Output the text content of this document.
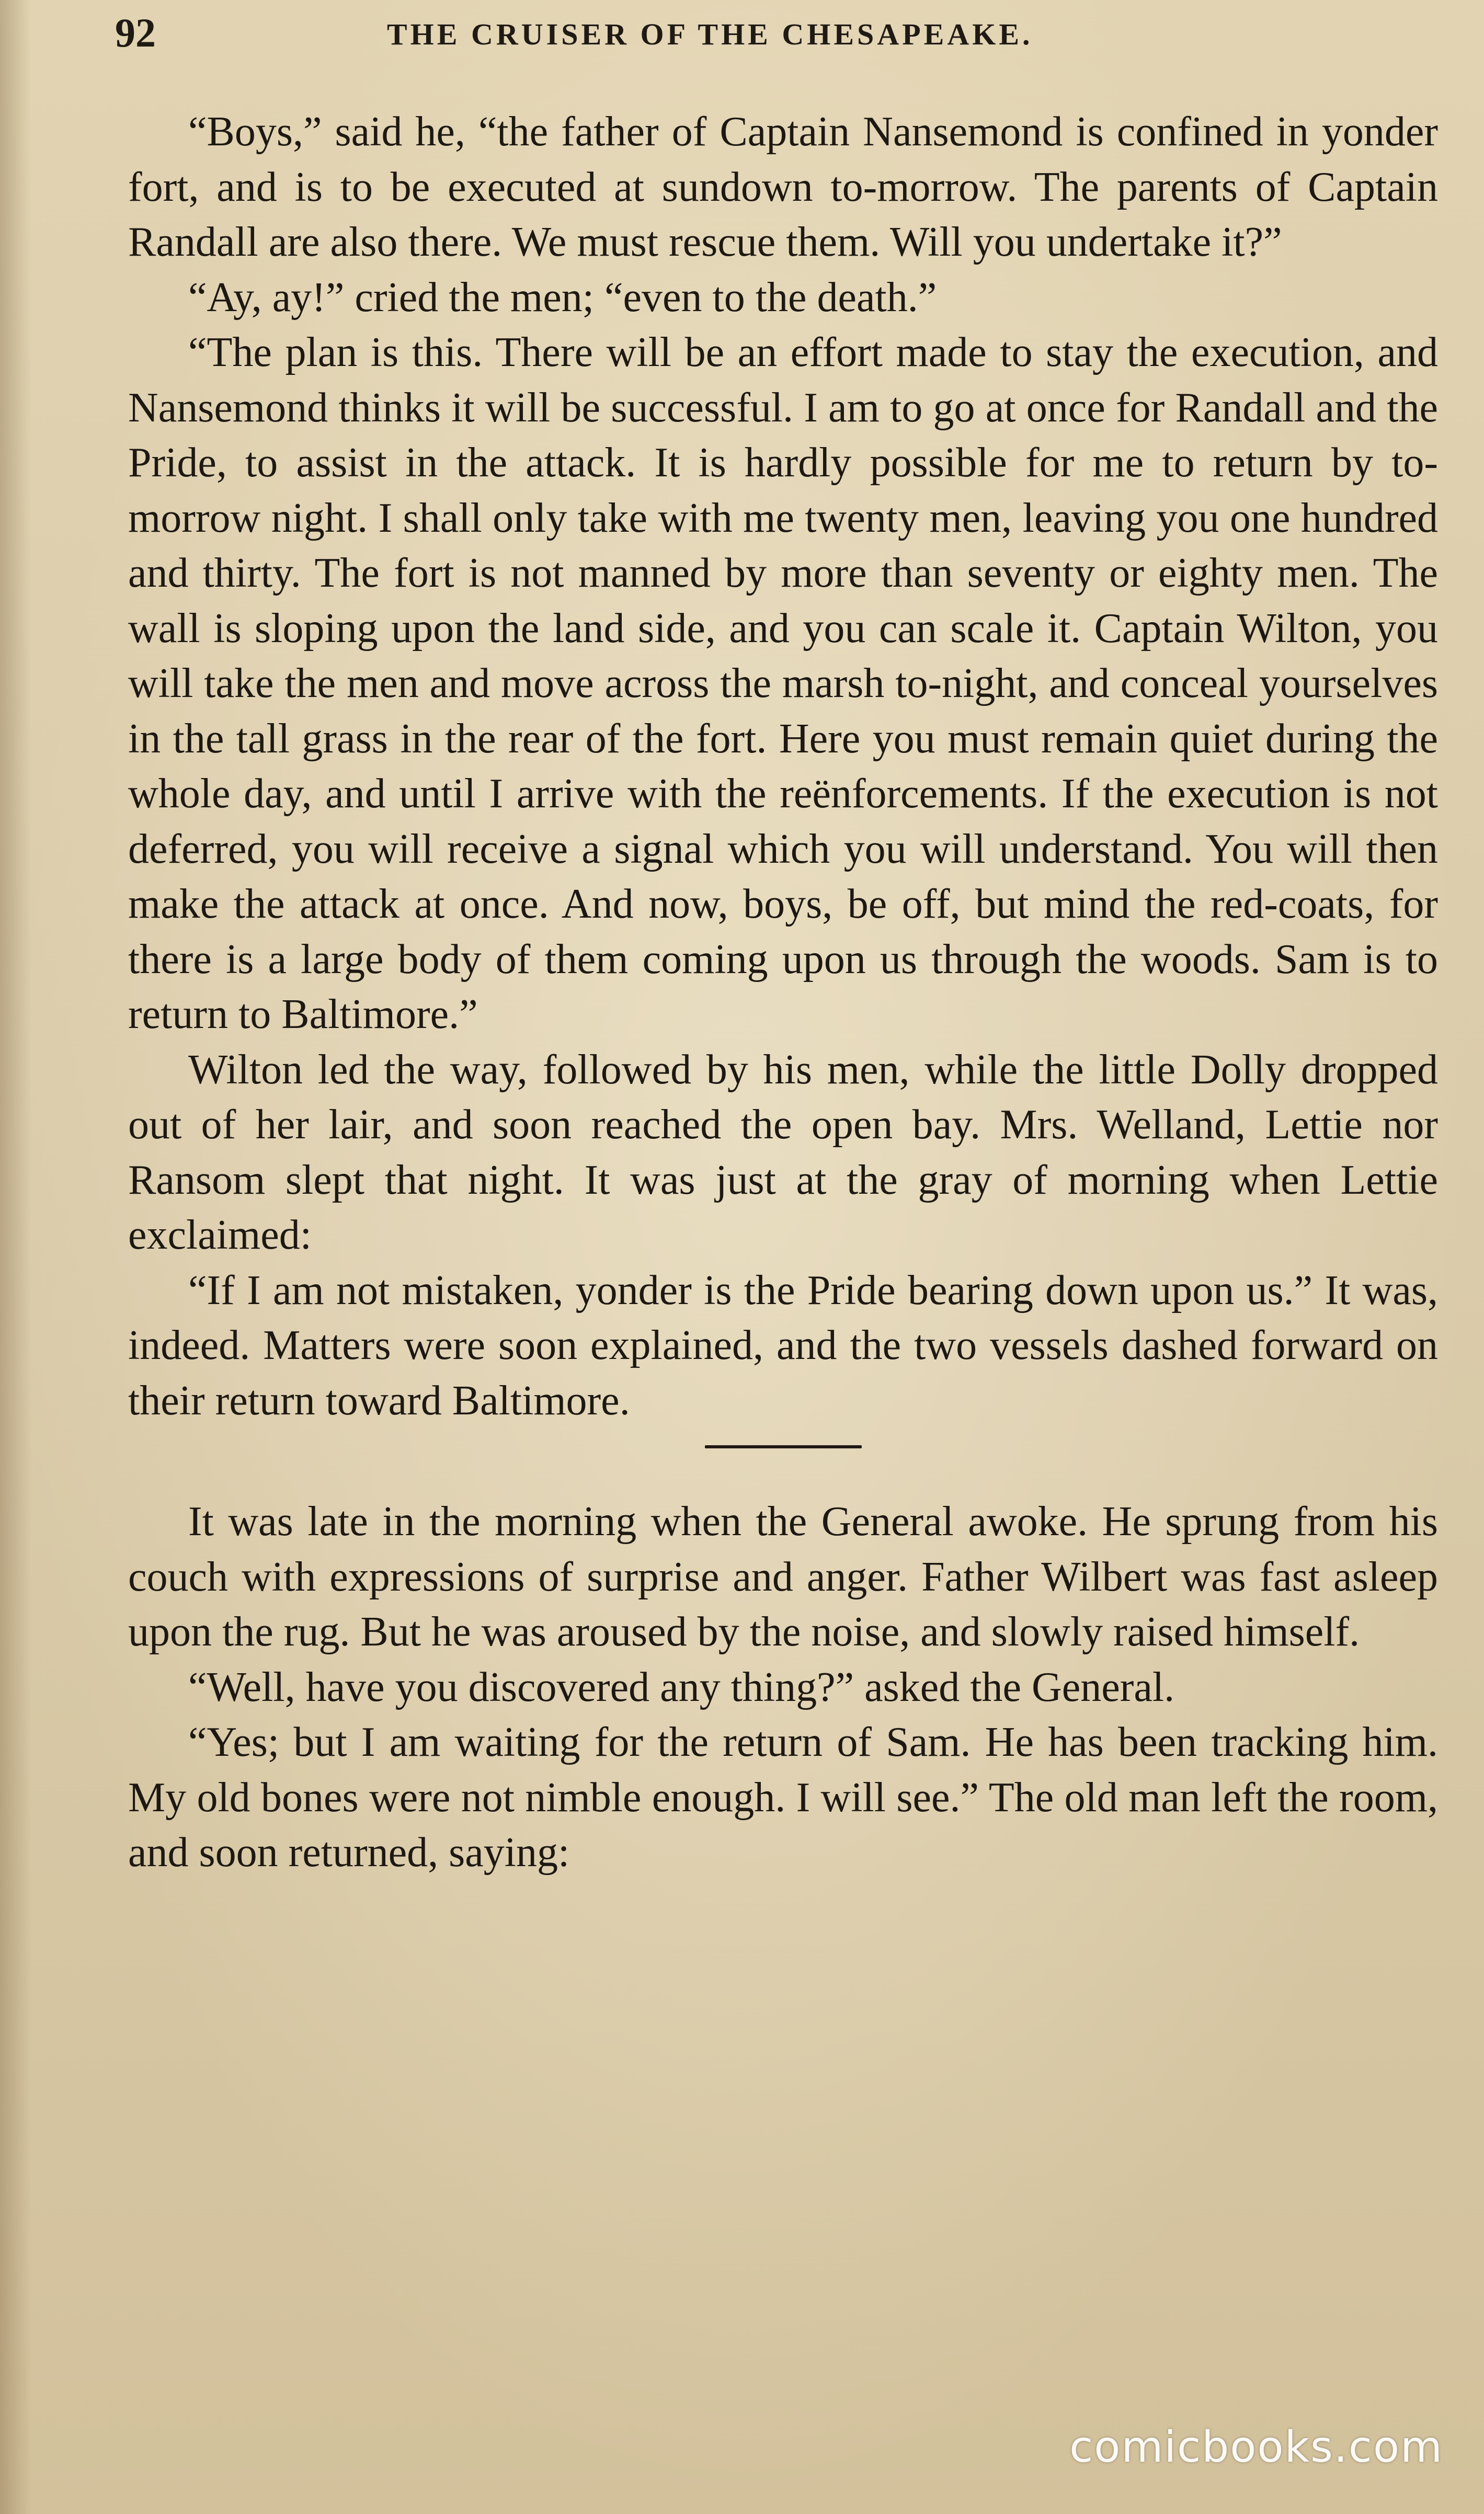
92	THE CRUISER OF THE CHESAPEAKE.

“Boys,” said he, “the father of Captain Nansemond is confined in yonder fort, and is to be executed at sundown to-morrow. The parents of Captain Randall are also there. We must rescue them. Will you undertake it?”

“Ay, ay!” cried the men; “even to the death.”

“The plan is this. There will be an effort made to stay the execution, and Nansemond thinks it will be successful. I am to go at once for Randall and the Pride, to assist in the attack. It is hardly possible for me to return by to-morrow night. I shall only take with me twenty men, leaving you one hundred and thirty. The fort is not manned by more than seventy or eighty men. The wall is sloping upon the land side, and you can scale it. Captain Wilton, you will take the men and move across the marsh to-night, and conceal yourselves in the tall grass in the rear of the fort. Here you must remain quiet during the whole day, and until I arrive with the reënforcements. If the execution is not deferred, you will receive a signal which you will understand. You will then make the attack at once. And now, boys, be off, but mind the red-coats, for there is a large body of them coming upon us through the woods. Sam is to return to Baltimore.”

Wilton led the way, followed by his men, while the little Dolly dropped out of her lair, and soon reached the open bay. Mrs. Welland, Lettie nor Ransom slept that night. It was just at the gray of morning when Lettie exclaimed:

“If I am not mistaken, yonder is the Pride bearing down upon us.” It was, indeed. Matters were soon explained, and the two vessels dashed forward on their return toward Baltimore.

It was late in the morning when the General awoke. He sprung from his couch with expressions of surprise and anger. Father Wilbert was fast asleep upon the rug. But he was aroused by the noise, and slowly raised himself.

“Well, have you discovered any thing?” asked the General.

“Yes; but I am waiting for the return of Sam. He has been tracking him. My old bones were not nimble enough. I will see.” The old man left the room, and soon returned, saying:

comicbooks.com
